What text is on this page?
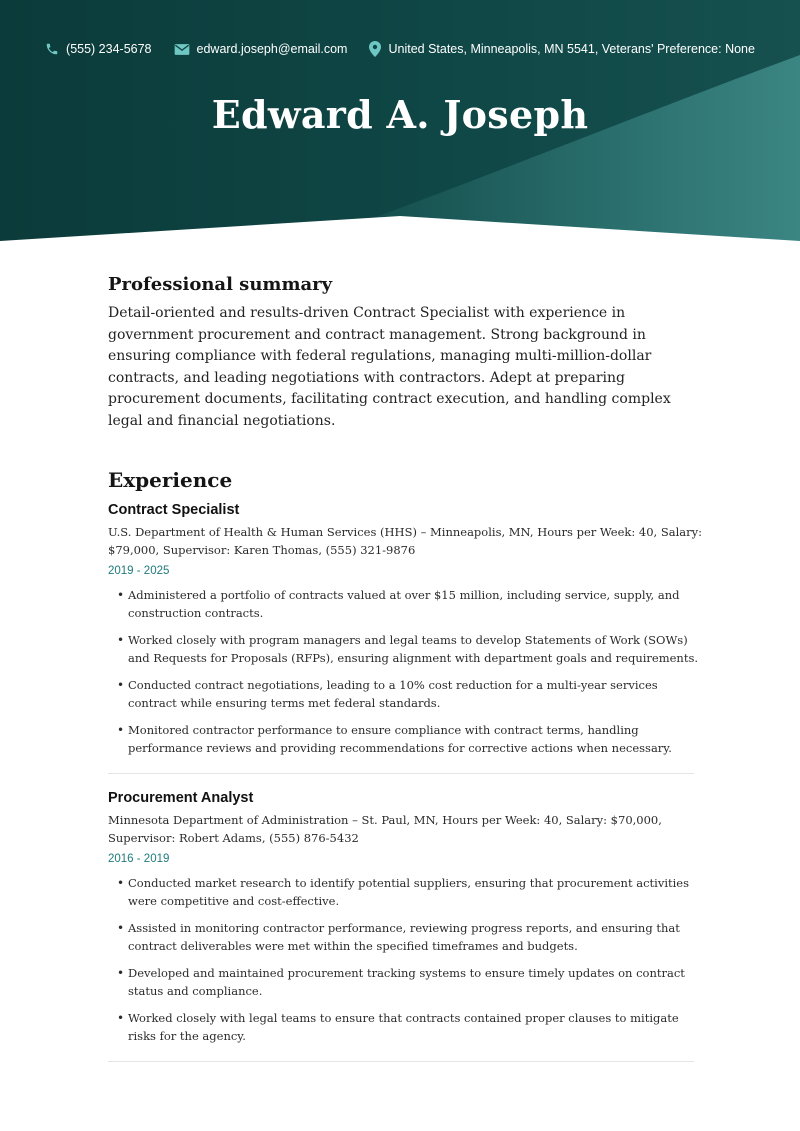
(555) 234-5678	edward.joseph@email.com	United States, Minneapolis, MN 5541, Veterans' Preference: None
Edward A. Joseph
Professional summary

Detail-oriented and results-driven Contract Specialist with experience in government procurement and contract management. Strong background in ensuring compliance with federal regulations, managing multi-million-dollar contracts, and leading negotiations with contractors. Adept at preparing procurement documents, facilitating contract execution, and handling complex legal and financial negotiations.

Experience
Contract Specialist

U.S. Department of Health & Human Services (HHS) – Minneapolis, MN, Hours per Week: 40, Salary: $79,000, Supervisor: Karen Thomas, (555) 321-9876

2019 - 2025
• Administered a portfolio of contracts valued at over $15 million, including service, supply, and construction contracts.
• Worked closely with program managers and legal teams to develop Statements of Work (SOWs) and Requests for Proposals (RFPs), ensuring alignment with department goals and requirements.
• Conducted contract negotiations, leading to a 10% cost reduction for a multi-year services contract while ensuring terms met federal standards.
• Monitored contractor performance to ensure compliance with contract terms, handling performance reviews and providing recommendations for corrective actions when necessary.
Procurement Analyst

Minnesota Department of Administration – St. Paul, MN, Hours per Week: 40, Salary: $70,000, Supervisor: Robert Adams, (555) 876-5432

2016 - 2019
• Conducted market research to identify potential suppliers, ensuring that procurement activities were competitive and cost-effective.
• Assisted in monitoring contractor performance, reviewing progress reports, and ensuring that contract deliverables were met within the specified timeframes and budgets.
• Developed and maintained procurement tracking systems to ensure timely updates on contract status and compliance.
• Worked closely with legal teams to ensure that contracts contained proper clauses to mitigate risks for the agency.
